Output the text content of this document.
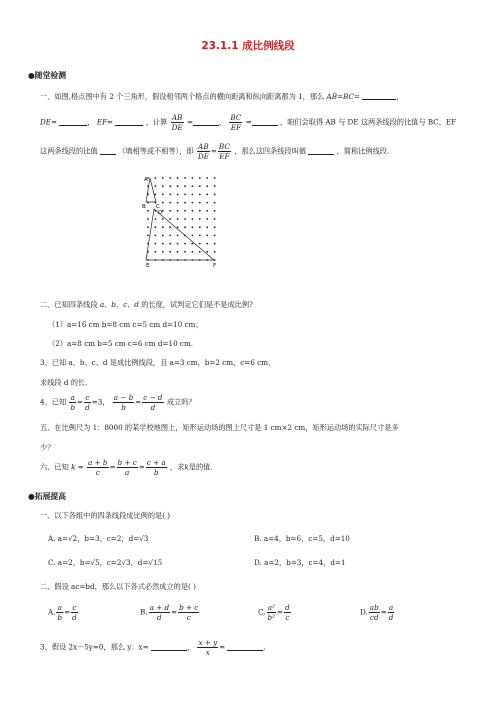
23.1.1 成比例线段
●随堂检测
一、如图,格点图中有 2 个三角形，假设相邻两个格点的横向距离和纵向距离都为 1，那么 AB=BC=	，
DE=	， EF=	，计算 $\frac{AB}{DE}$ =	， $\frac{BC}{EF}$ =	，咱们会取得 AB 与 DE 这两条线段的比值与 BC，EF
这两条线段的比值	（填相等或不相等），即 $\frac{AB}{DE} = \frac{BC}{EF}$ ，那么这四条线段叫做	，简称比例线段.
A
B C
D
E	F
二、已知四条线段 a、b、c、d 的长度，试判定它们是不是成比例?
（1）a=16 cm b=8 cm c=5 cm d=10 cm；
（2）a=8 cm b=5 cm c=6 cm d=10 cm.
3、已知 a、b、c、d 是成比例线段，且 a=3 cm，b=2 cm，c=6 cm，
求线段 d 的长.
4、已知 $\frac{a}{b} = \frac{c}{d} =3$， $\frac{a - b}{b} = \frac{c - d}{d}$ 成立吗？
五、在比例尺为 1：8000 的某学校地图上，矩形运动场的图上尺寸是 1 cm×2 cm，矩形运动场的实际尺寸是多
少？
六、已知 $k = \frac{a + b}{c} = \frac{b + c}{a} = \frac{c + a}{b}$ ，求k是的值.
●拓展提高
一、以下各组中的四条线段成比例的是( )
A. a=√2，b=3，c=2，d=√3	B. a=4，b=6，c=5，d=10
C. a=2，b=√5，c=2√3，d=√15	D. a=2，b=3，c=4，d=1
二、假设 ac=bd，那么以下各式必然成立的是( )
A. $\frac{a}{b} = \frac{c}{d}$	B. $\frac{a + d}{d} = \frac{b + c}{c}$	C. $\frac{\text{a²}}{\text{b²}} = \frac{d}{c}$	D. $\frac{ab}{cd} = \frac{a}{d}$
3、假设 2x－5y=0，那么 y：x=	， $\frac{x + y}{x}$ =	.
